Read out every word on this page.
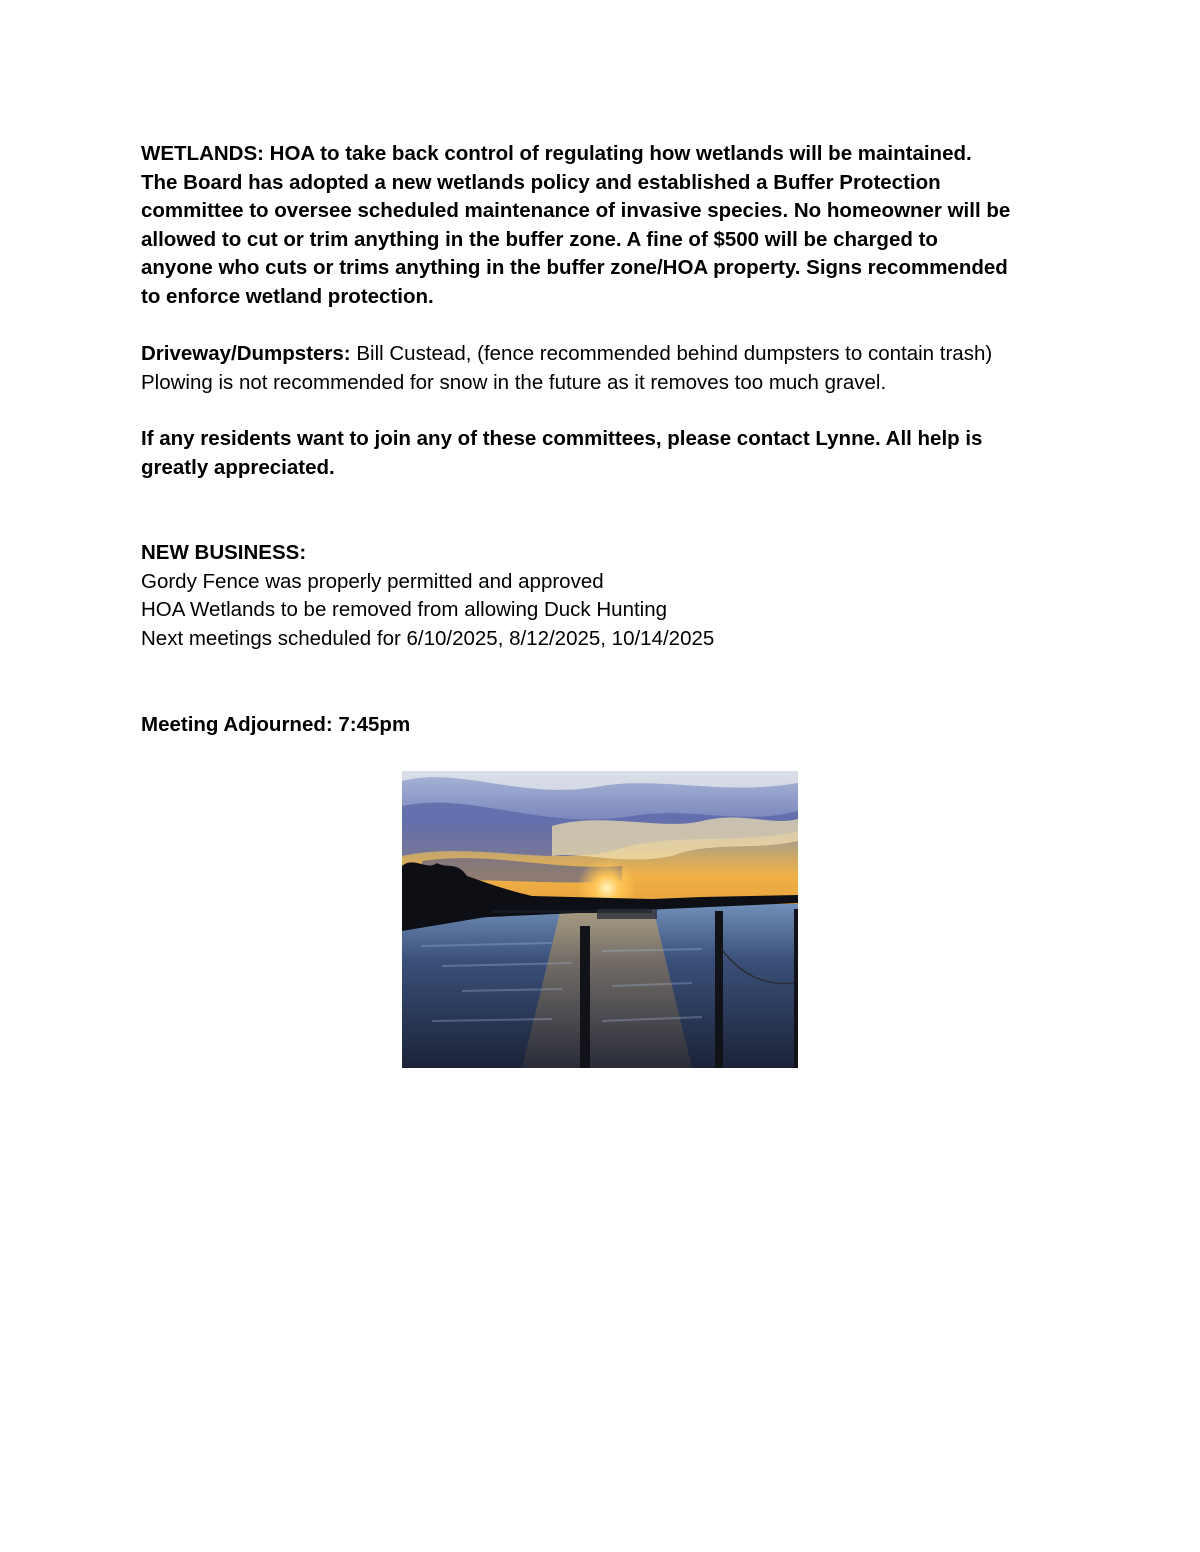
WETLANDS: HOA to take back control of regulating how wetlands will be maintained.
The Board has adopted a new wetlands policy and established a Buffer Protection
committee to oversee scheduled maintenance of invasive species. No homeowner will be
allowed to cut or trim anything in the buffer zone. A fine of $500 will be charged to
anyone who cuts or trims anything in the buffer zone/HOA property. Signs recommended
to enforce wetland protection.
Driveway/Dumpsters: Bill Custead, (fence recommended behind dumpsters to contain trash)
Plowing is not recommended for snow in the future as it removes too much gravel.
If any residents want to join any of these committees, please contact Lynne. All help is
greatly appreciated.
NEW BUSINESS:
Gordy Fence was properly permitted and approved
HOA Wetlands to be removed from allowing Duck Hunting
Next meetings scheduled for 6/10/2025, 8/12/2025, 10/14/2025
Meeting Adjourned: 7:45pm
